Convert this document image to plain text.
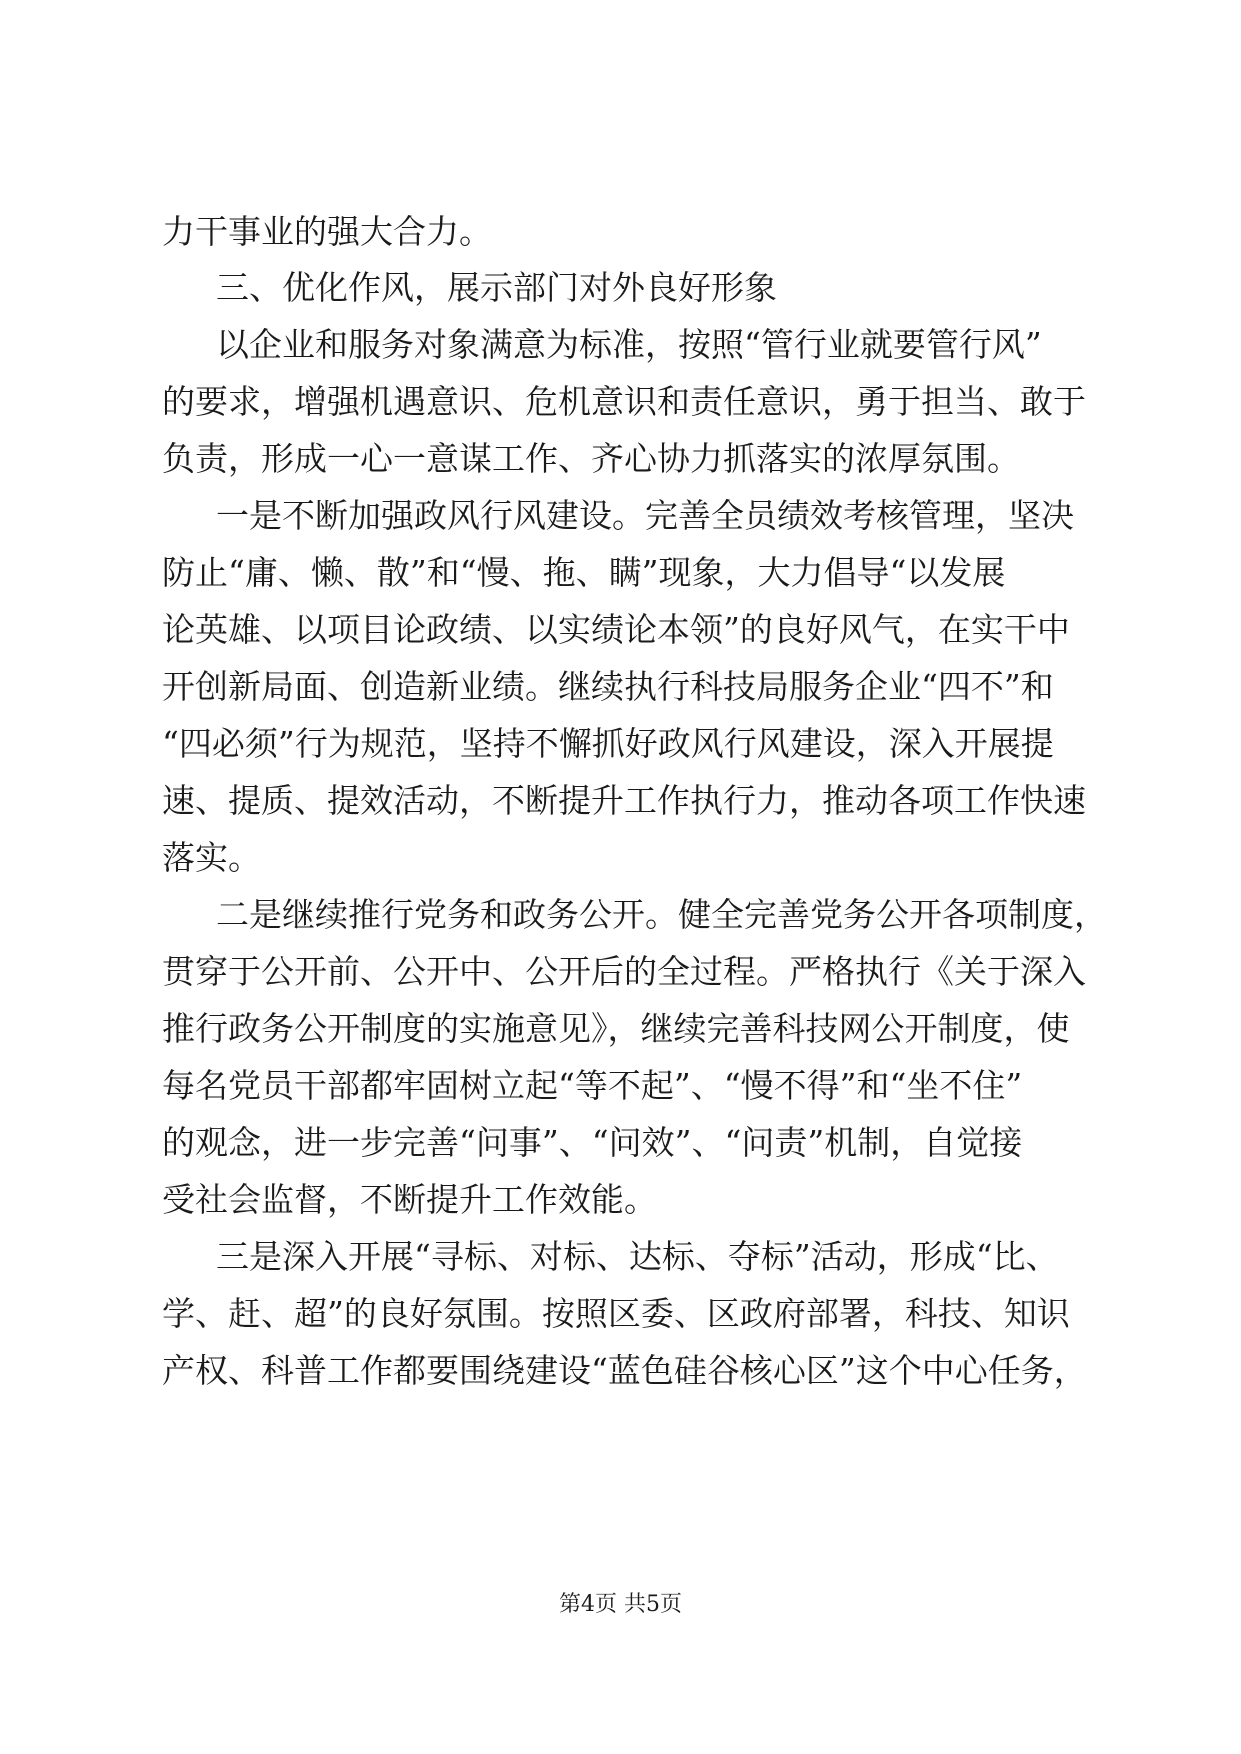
力干事业的强大合力。
三、优化作风，展示部门对外良好形象
以企业和服务对象满意为标准，按照“管行业就要管行风”
的要求，增强机遇意识、危机意识和责任意识，勇于担当、敢于
负责，形成一心一意谋工作、齐心协力抓落实的浓厚氛围。
一是不断加强政风行风建设。完善全员绩效考核管理，坚决
防止“庸、懒、散”和“慢、拖、瞒”现象，大力倡导“以发展
论英雄、以项目论政绩、以实绩论本领”的良好风气，在实干中
开创新局面、创造新业绩。继续执行科技局服务企业“四不”和
“四必须”行为规范，坚持不懈抓好政风行风建设，深入开展提
速、提质、提效活动，不断提升工作执行力，推动各项工作快速
落实。
二是继续推行党务和政务公开。健全完善党务公开各项制度，
贯穿于公开前、公开中、公开后的全过程。严格执行《关于深入
推行政务公开制度的实施意见》，继续完善科技网公开制度，使
每名党员干部都牢固树立起“等不起”、“慢不得”和“坐不住”
的观念，进一步完善“问事”、“问效”、“问责”机制，自觉接
受社会监督，不断提升工作效能。
三是深入开展“寻标、对标、达标、夺标”活动，形成“比、
学、赶、超”的良好氛围。按照区委、区政府部署，科技、知识
产权、科普工作都要围绕建设“蓝色硅谷核心区”这个中心任务，
第4页 共5页
